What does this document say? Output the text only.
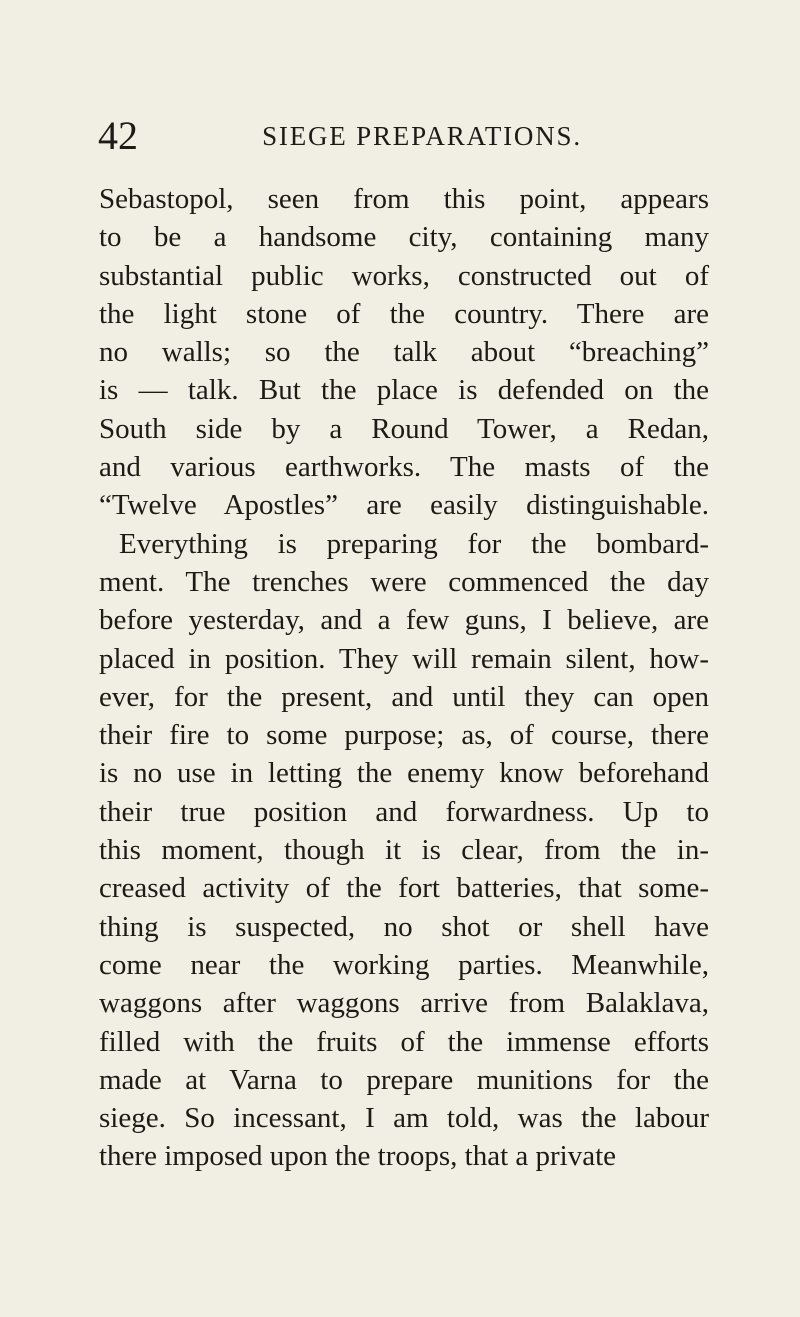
42	SIEGE PREPARATIONS.
Sebastopol, seen from this point, appears
to be a handsome city, containing many
substantial public works, constructed out of
the light stone of the country. There are
no walls; so the talk about “breaching”
is — talk. But the place is defended on the
South side by a Round Tower, a Redan,
and various earthworks. The masts of the
“Twelve Apostles” are easily distinguishable.
Everything is preparing for the bombard-
ment. The trenches were commenced the day
before yesterday, and a few guns, I believe, are
placed in position. They will remain silent, how-
ever, for the present, and until they can open
their fire to some purpose; as, of course, there
is no use in letting the enemy know beforehand
their true position and forwardness. Up to
this moment, though it is clear, from the in-
creased activity of the fort batteries, that some-
thing is suspected, no shot or shell have
come near the working parties. Meanwhile,
waggons after waggons arrive from Balaklava,
filled with the fruits of the immense efforts
made at Varna to prepare munitions for the
siege. So incessant, I am told, was the labour
there imposed upon the troops, that a private
